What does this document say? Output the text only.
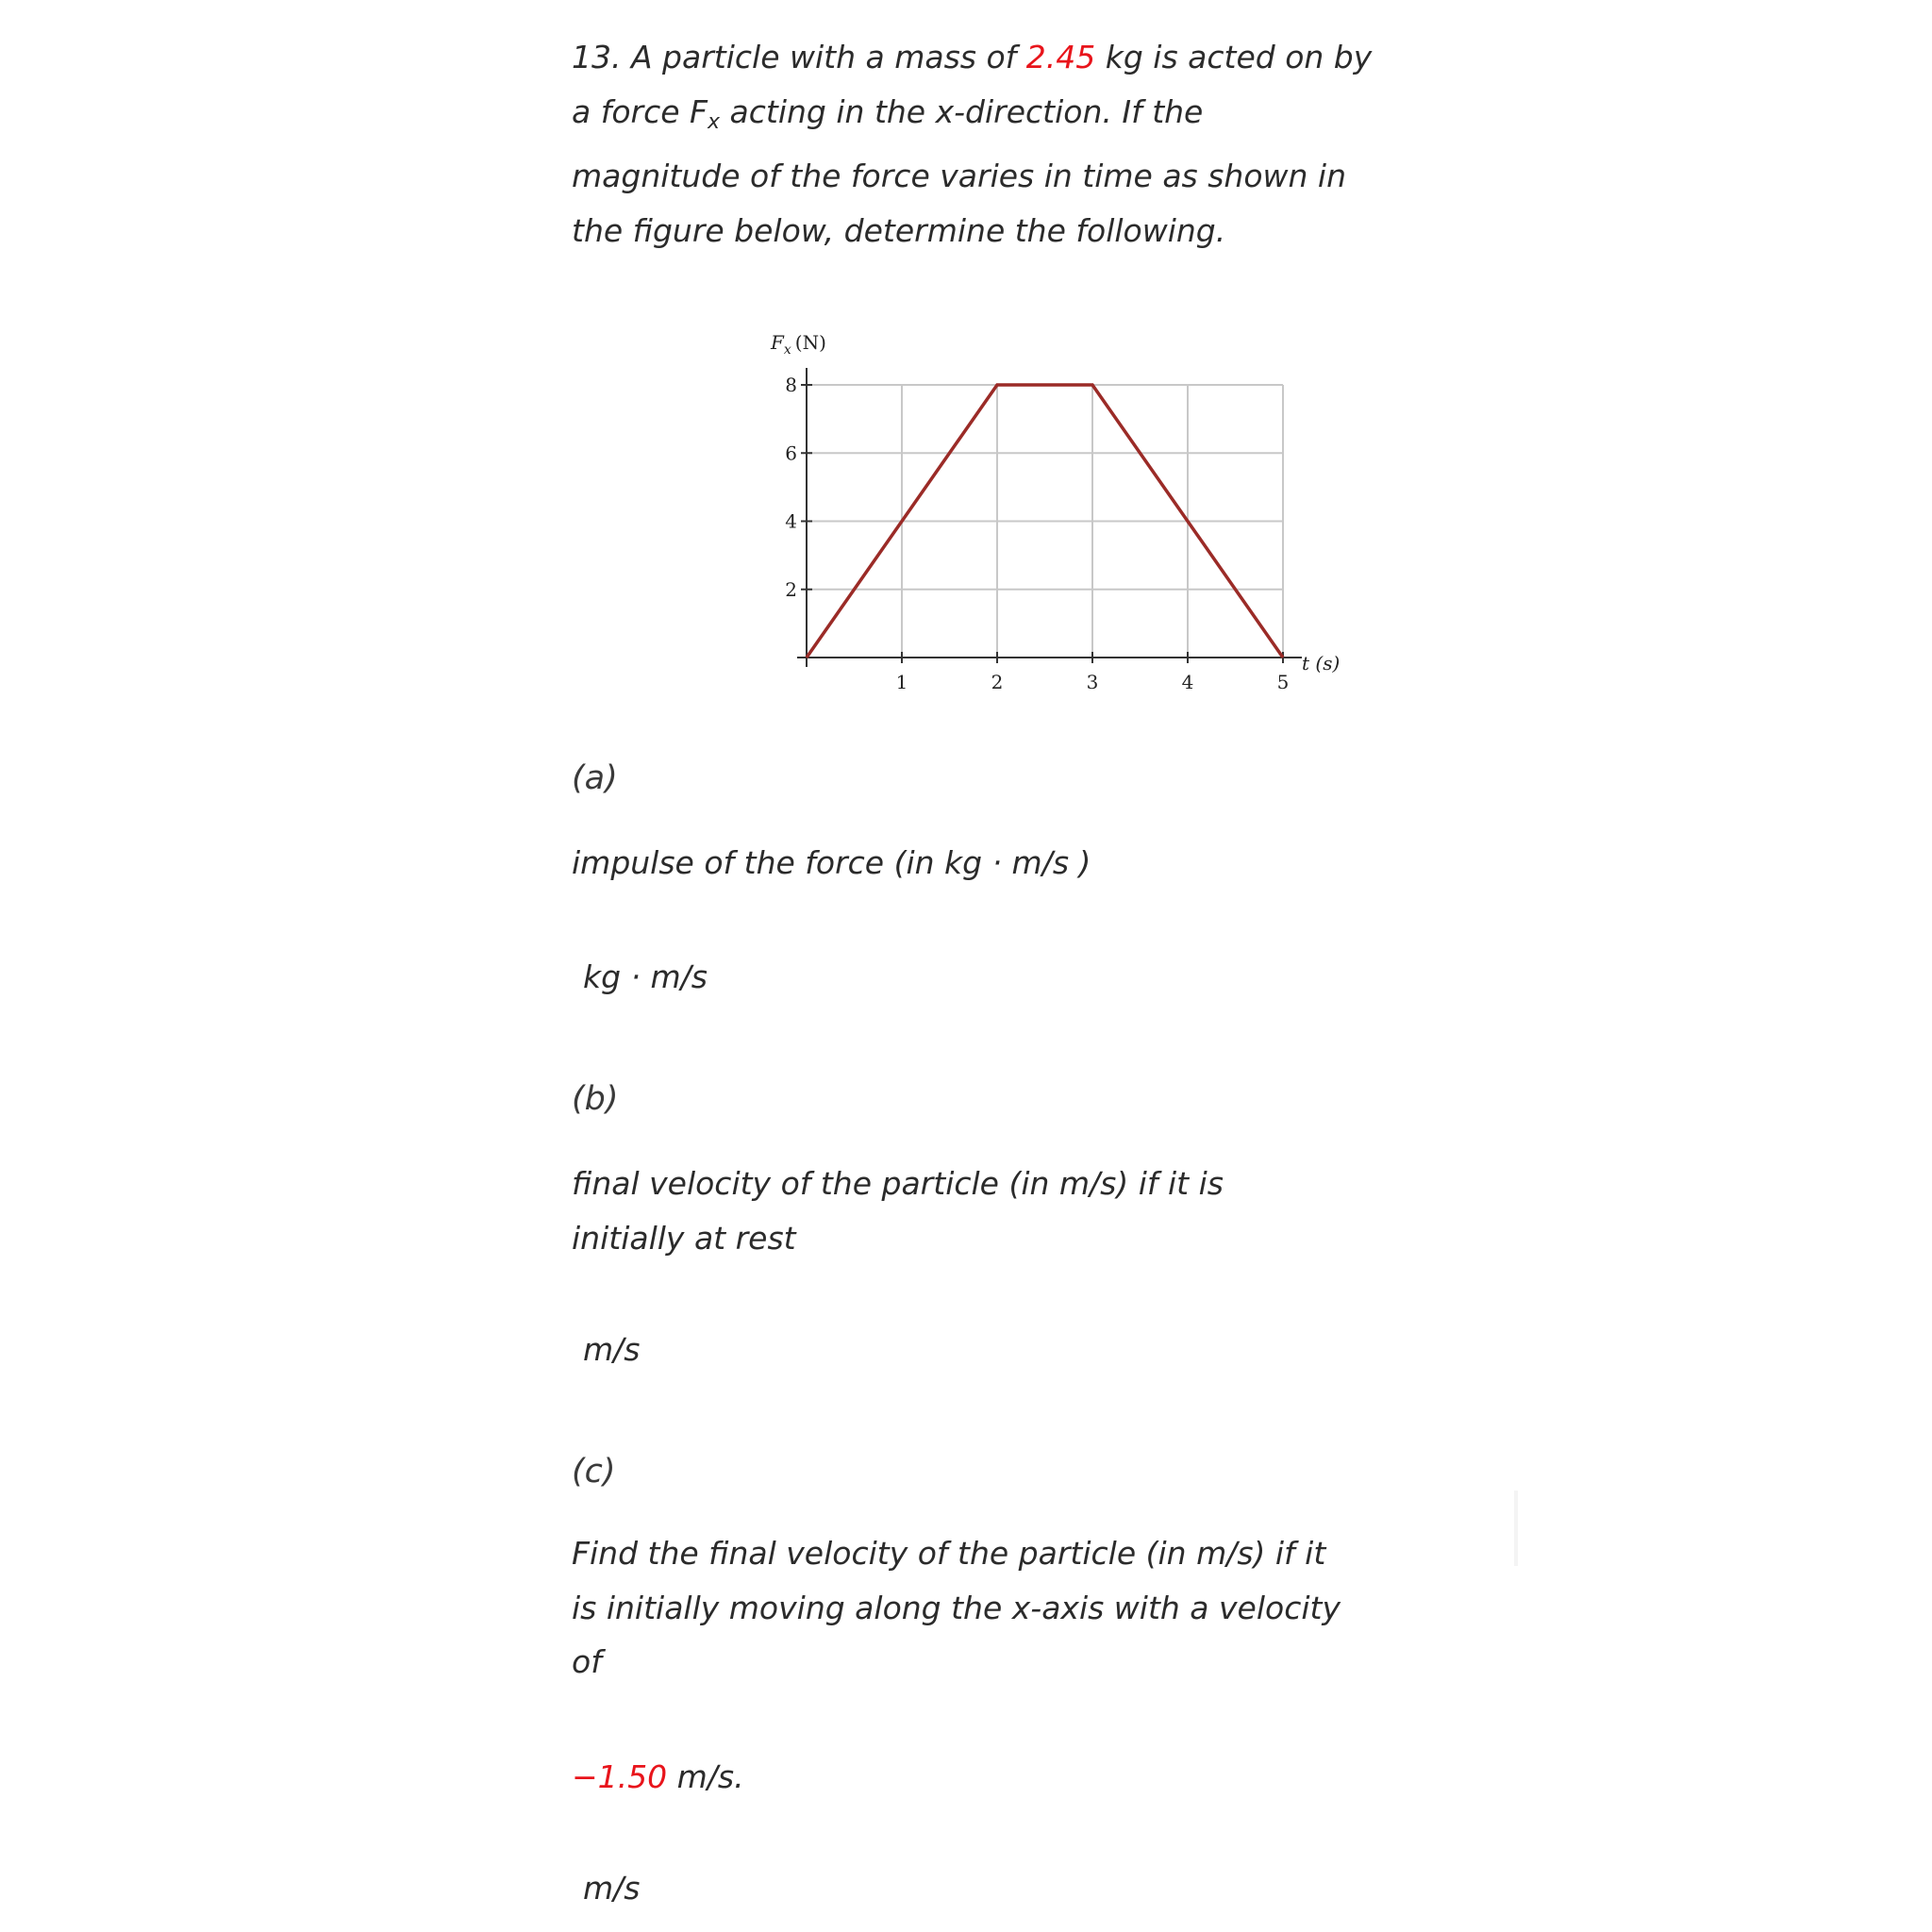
13. A particle with a mass of 2.45 kg is acted on by a force $F_x$ acting in the x-direction. If the magnitude of the force varies in time as shown in the figure below, determine the following.

1	2	3	4	5
2
4
6
8
$F_x$ (N)
t (s)
(a)
impulse of the force (in kg · m/s )
kg · m/s
(b)
final velocity of the particle (in m/s) if it is
initially at rest
m/s
(c)
Find the final velocity of the particle (in m/s) if it
is initially moving along the x-axis with a velocity
of
−1.50 m/s.
m/s
